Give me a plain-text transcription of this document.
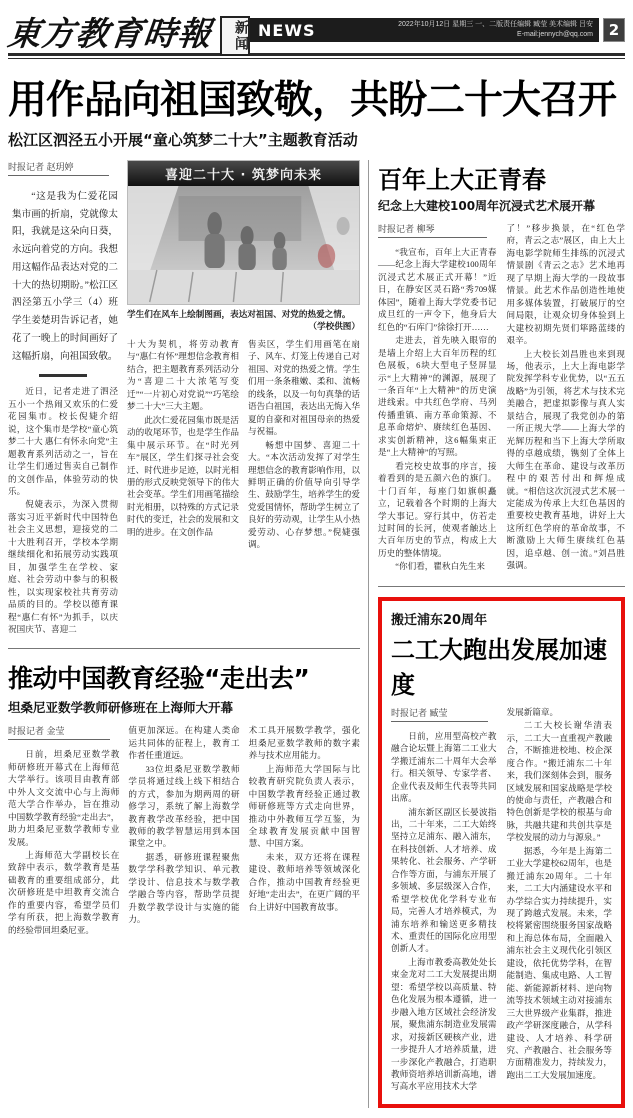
東方教育時報	新闻 NEWS	2022年10月12日 星期三 一、二版责任编辑 臧莹 美术编辑 吕安
E-mail:jennych@qq.com	2
用作品向祖国致敬，共盼二十大召开
松江区泗泾五小开展“童心筑梦二十大”主题教育活动
时报记者 赵玥婷

“这是我为仁爱花园集市画的折扇，党就像太阳，我就是这朵向日葵，永远向着党的方向。我想用这幅作品表达对党的二十大的热切期盼。”松江区泗泾第五小学三（4）班学生姜楚玥告诉记者，她花了一晚上的时间画好了这幅折扇，向祖国致敬。

近日，记者走进了泗泾五小一个热闹又欢乐的仁爱花园集市。校长倪婕介绍说，这个集市是学校“童心筑梦二十大 惠仁有怀永向党”主题教育系列活动之一，旨在让学生们通过售卖自己制作的文创作品，体验劳动的快乐。

倪婕表示，为深入贯彻落实习近平新时代中国特色社会主义思想，迎接党的二十大胜利召开，学校本学期继续细化和拓展劳动实践项目，加强学生在学校、家庭、社会劳动中参与的积极性，以实现家校社共育劳动品质的目的。学校以德育课程“惠仁有怀”为抓手，以庆祝国庆节、喜迎二

喜迎二十大 · 筑梦向未来
学生们在风车上绘制图画，表达对祖国、对党的热爱之情。
（学校供图）

十大为契机，将劳动教育与“惠仁有怀”理想信念教育相结合，把主题教育系列活动分为“喜迎二十大浓笔写变迁”“一片初心对党说”“巧笔绘梦二十大”三大主题。

此次仁爱花园集市既是活动的收尾环节，也是学生作品集中展示环节。在“时光列车”展区，学生们探寻社会变迁、时代进步足迹，以时光相册的形式反映党领导下的伟大社会变革。学生们用画笔描绘时光相册，以特殊的方式记录时代的变迁，社会的发展和文明的进步。在文创作品

售卖区，学生们用画笔在扇子、风车、灯笼上传递自己对祖国、对党的热爱之情。学生们用一条条稚嫩、柔和、流畅的线条，以及一句句真挚的话语告白祖国，表达出无悔入华夏的自豪和对祖国母亲的热爱与祝福。

畅想中国梦、喜迎二十大。“本次活动发挥了对学生理想信念的教育影响作用，以鲜明正确的价值导向引导学生、鼓励学生，培养学生的爱党爱国情怀，帮助学生树立了良好的劳动观，让学生从小热爱劳动、心存梦想。”倪婕强调。

推动中国教育经验“走出去”
坦桑尼亚数学教师研修班在上海师大开幕
时报记者 金莹

日前，坦桑尼亚数学教师研修班开幕式在上海师范大学举行。该项目由教育部中外人文交流中心与上海师范大学合作举办，旨在推动中国数学教育经验“走出去”，助力坦桑尼亚数学教师专业发展。

上海师范大学副校长在致辞中表示，数学教育是基础教育的重要组成部分，此次研修班是中坦教育交流合作的重要内容，希望学员们学有所获，把上海数学教育的经验带回坦桑尼亚。

值更加深远。在构建人类命运共同体的征程上，教育工作者任重道远。

33位坦桑尼亚数学教师学员将通过线上线下相结合的方式，参加为期两周的研修学习，系统了解上海数学教育教学改革经验，把中国教师的教学智慧运用到本国课堂之中。

据悉，研修班课程聚焦数学学科教学知识、单元教学设计、信息技术与数学教学融合等内容，帮助学员提升数学教学设计与实施的能力。

术工具开展数学教学，强化坦桑尼亚数学教师的数字素养与技术应用能力。

上海师范大学国际与比较教育研究院负责人表示，中国数学教育经验正通过教师研修班等方式走向世界，推动中外教师互学互鉴，为全球教育发展贡献中国智慧、中国方案。

未来，双方还将在课程建设、教师培养等领域深化合作，推动中国教育经验更好地“走出去”，在更广阔的平台上讲好中国教育故事。

百年上大正青春
纪念上大建校100周年沉浸式艺术展开幕
时报记者 柳琴

“我宣布，百年上大正青春——纪念上海大学建校100周年沉浸式艺术展正式开幕！”近日，在静安区灵石路“秀709媒体园”，随着上海大学党委书记成旦红的一声令下，他身后大红色的“石库门”徐徐打开……

走进去，首先映入眼帘的是墙上介绍上大百年历程的红色展板，6块大型电子竖屏显示“上大精神”的渊源，展现了一条百年“上大精神”的历史演进线索。中共红色学府、马列传播重镇、南方革命策源、不息革命熔炉、赓续红色基因、求实创新精神，这6幅集束正是“上大精神”的写照。

看完校史故事的序言，接着看到的是五颜六色的旗门。十门百年，每座门如旗帜矗立，记载着各个时期的上海大学大事记。穿行其中，仿若走过时间的长河，使观者触达上大百年历史的节点，构成上大历史的整体情境。

“你们看，瞿秋白先生来

了！”移步换景，在“红色学府，青云之志”展区，由上大上海电影学院师生排练的沉浸式情景剧《青云之志》艺术地再现了早期上海大学的一段故事情景。此艺术作品创造性地使用多媒体装置，打破展厅的空间局限，让观众切身体验到上大建校初期先贤们筚路蓝缕的艰辛。

上大校长刘昌胜也来到现场，他表示，上大上海电影学院发挥学科专业优势，以“五五战略”为引领，将艺术与技术完美融合，把虚拟影像与真人实景结合，展现了我党创办的第一所正规大学——上海大学的光辉历程和当下上海大学所取得的卓越成绩，镌刻了全体上大师生在革命、建设与改革历程中的艰苦付出和辉煌成就。“相信这次沉浸式艺术展一定能成为传承上大红色基因的重要校史教育基地，讲好上大这所红色学府的革命故事，不断激励上大师生赓续红色基因，追卓越、创一流。”刘昌胜强调。

搬迁浦东20周年
二工大跑出发展加速度
时报记者 臧莹

日前，应用型高校产教融合论坛暨上海第二工业大学搬迁浦东二十周年大会举行。相关领导、专家学者、企业代表及师生代表等共同出席。

浦东新区副区长晏波指出，二十年来，二工大始终坚持立足浦东、融入浦东，在科技创新、人才培养、成果转化、社会服务、产学研合作等方面，与浦东开展了多领域、多层级深入合作，希望学校优化学科专业布局，完善人才培养模式，为浦东培养和输送更多精技术、重责任的国际化应用型创新人才。

上海市教委高教处处长束金龙对二工大发展提出期望：希望学校以高质量、特色化发展为根本遵循，进一步融入地方区域社会经济发展，聚焦浦东制造业发展需求，对接新区硬核产业，进一步提升人才培养质量，进一步深化产教融合，打造职教师资培养培训新高地，谱写高水平应用技术大学

发展新篇章。

二工大校长谢华清表示，二工大一直重视产教融合，不断推进校地、校企深度合作。“搬迁浦东二十年来，我们深刻体会到，服务区域发展和国家战略是学校的使命与责任，产教融合和特色创新是学校的根基与命脉，共融共建和共创共享是学校发展的动力与源泉。”

据悉，今年是上海第二工业大学建校62周年，也是搬迁浦东20周年。二十年来，二工大内涵建设水平和办学综合实力持续提升，实现了跨越式发展。未来，学校将紧密围绕服务国家战略和上海总体布局，全面融入浦东社会主义现代化引领区建设，依托优势学科，在智能制造、集成电路、人工智能、新能源新材料、逆向物流等技术领域主动对接浦东三大世界级产业集群，推进政产学研深度融合，从学科建设、人才培养、科学研究、产教融合、社会服务等方面精准发力，持续发力，跑出二工大发展加速度。
